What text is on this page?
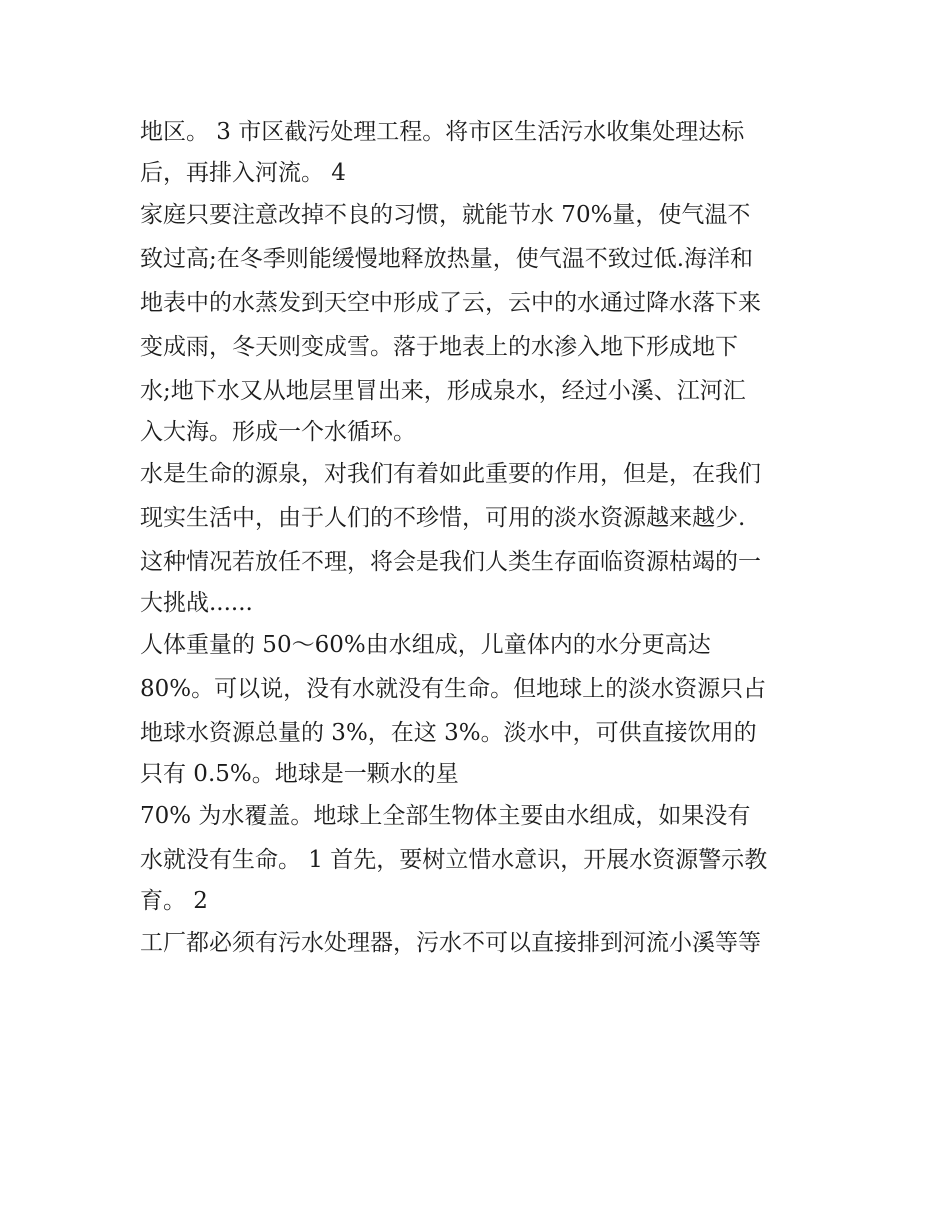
地区。 3 市区截污处理工程。将市区生活污水收集处理达标
后，再排入河流。 4
家庭只要注意改掉不良的习惯，就能节水 70%量，使气温不
致过高;在冬季则能缓慢地释放热量，使气温不致过低.海洋和
地表中的水蒸发到天空中形成了云，云中的水通过降水落下来
变成雨，冬天则变成雪。落于地表上的水渗入地下形成地下
水;地下水又从地层里冒出来，形成泉水，经过小溪、江河汇
入大海。形成一个水循环。
水是生命的源泉，对我们有着如此重要的作用，但是，在我们
现实生活中，由于人们的不珍惜，可用的淡水资源越来越少.
这种情况若放任不理，将会是我们人类生存面临资源枯竭的一
大挑战......
人体重量的 50～60%由水组成，儿童体内的水分更高达
80%。可以说，没有水就没有生命。但地球上的淡水资源只占
地球水资源总量的 3%，在这 3%。淡水中，可供直接饮用的
只有 0.5%。地球是一颗水的星
70% 为水覆盖。地球上全部生物体主要由水组成，如果没有
水就没有生命。 1 首先，要树立惜水意识，开展水资源警示教
育。 2
工厂都必须有污水处理器，污水不可以直接排到河流小溪等等
